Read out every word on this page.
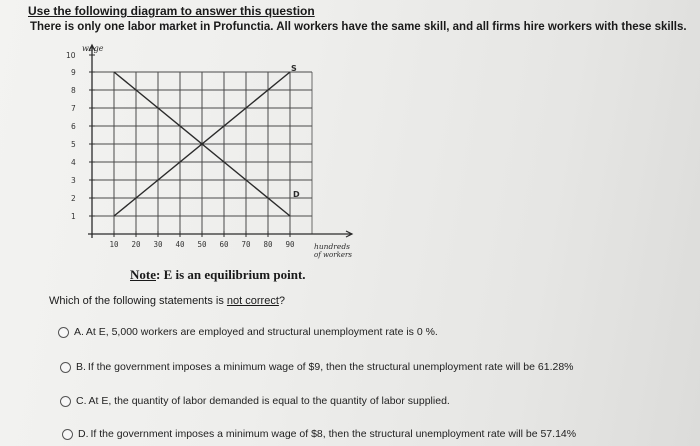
Use the following diagram to answer this question
There is only one labor market in Profunctia. All workers have the same skill, and all firms hire workers with these skills.
1
2
3
4
5
6
7
8
9
10
10 20 30 40 50 60 70 80 90
wage
hundreds
of workers
S
D
Note: E is an equilibrium point.
Which of the following statements is not correct?
A. At E, 5,000 workers are employed and structural unemployment rate is 0 %.
B. If the government imposes a minimum wage of $9, then the structural unemployment rate will be 61.28%
C. At E, the quantity of labor demanded is equal to the quantity of labor supplied.
D. If the government imposes a minimum wage of $8, then the structural unemployment rate will be 57.14%
